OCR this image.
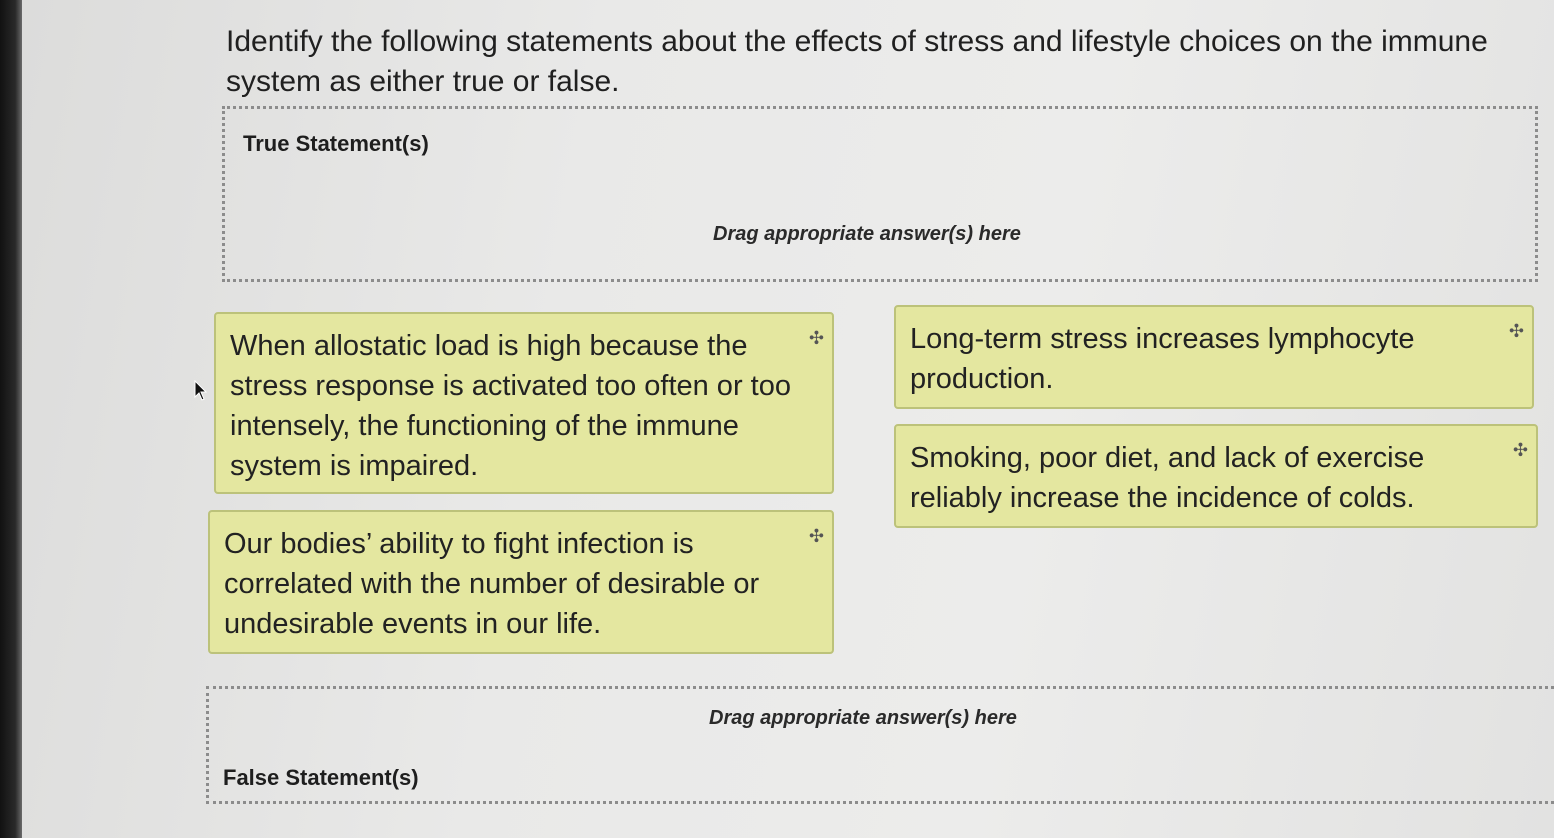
Identify the following statements about the effects of stress and lifestyle choices on the immune system as either true or false.
True Statement(s)
Drag appropriate answer(s) here
When allostatic load is high because the stress response is activated too often or too intensely, the functioning of the immune system is impaired.
✣
Our bodies’ ability to fight infection is correlated with the number of desirable or undesirable events in our life.
✣
Long-term stress increases lymphocyte production.
✣
Smoking, poor diet, and lack of exercise reliably increase the incidence of colds.
✣
Drag appropriate answer(s) here
False Statement(s)
